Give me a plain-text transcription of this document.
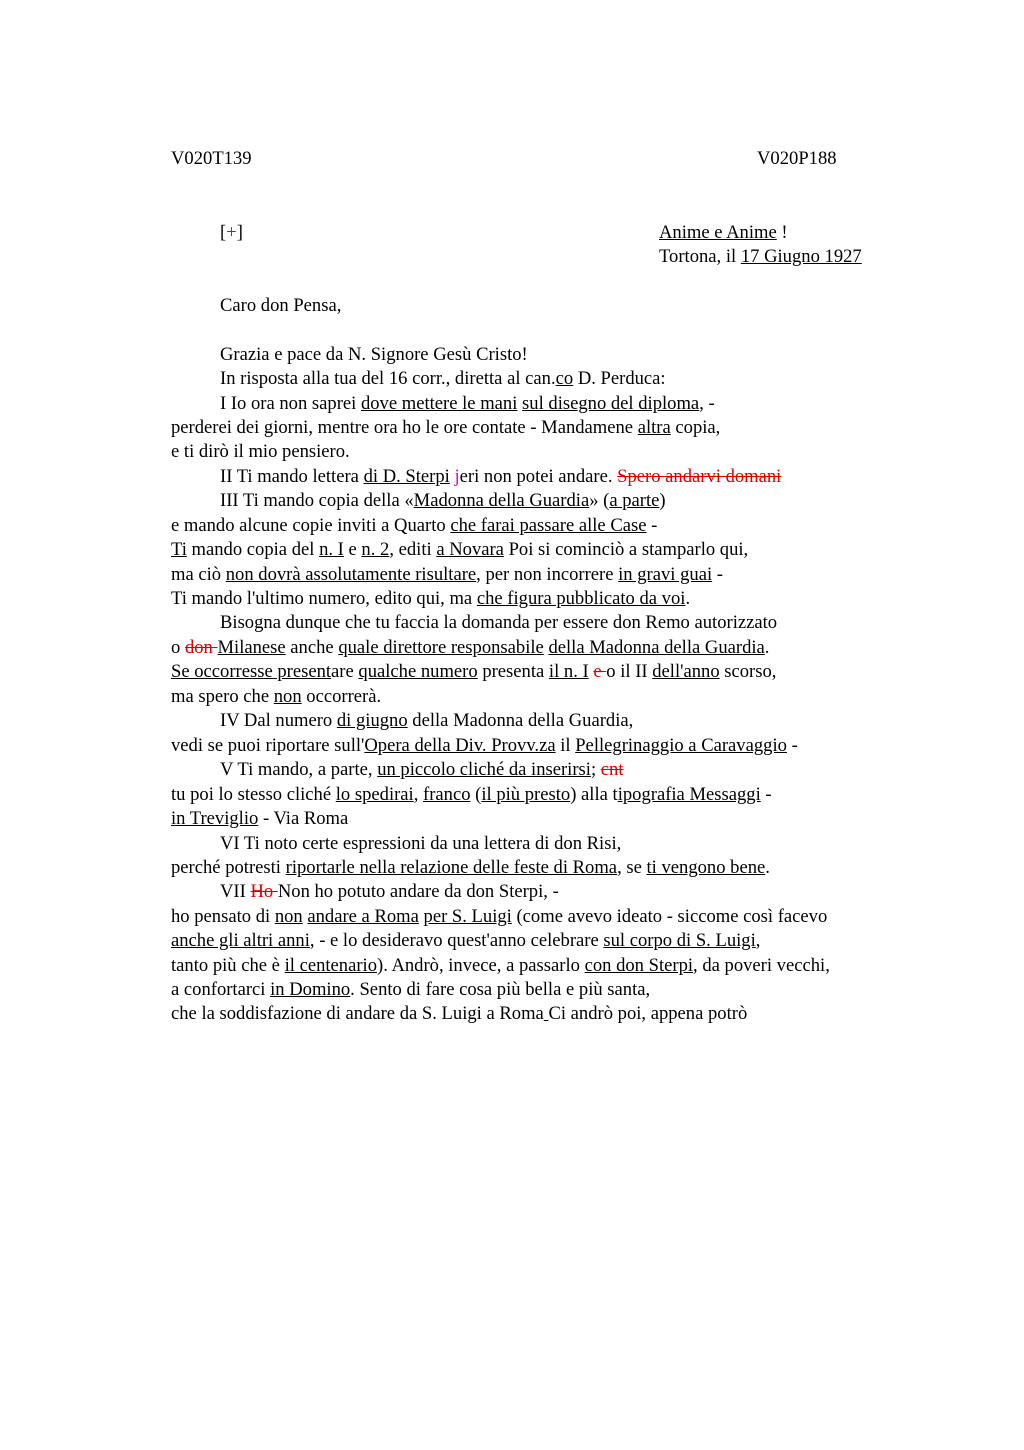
V020T139	V020P188
[+]	Anime e Anime !
Tortona, il 17 Giugno 1927
Caro don Pensa,
Grazia e pace da N. Signore Gesù Cristo!
In risposta alla tua del 16 corr., diretta al can.co D. Perduca:
I Io ora non saprei dove mettere le mani sul disegno del diploma, -
perderei dei giorni, mentre ora ho le ore contate - Mandamene altra copia,
e ti dirò il mio pensiero.
II Ti mando lettera di D. Sterpi jeri non potei andare. Spero andarvi domani
III Ti mando copia della «Madonna della Guardia» (a parte)
e mando alcune copie inviti a Quarto che farai passare alle Case -
Ti mando copia del n. I e n. 2, editi a Novara Poi si cominciò a stamparlo qui,
ma ciò non dovrà assolutamente risultare, per non incorrere in gravi guai -
Ti mando l'ultimo numero, edito qui, ma che figura pubblicato da voi.
Bisogna dunque che tu faccia la domanda per essere don Remo autorizzato
o don Milanese anche quale direttore responsabile della Madonna della Guardia.
Se occorresse presentare qualche numero presenta il n. I e o il II dell'anno scorso,
ma spero che non occorrerà.
IV Dal numero di giugno della Madonna della Guardia,
vedi se puoi riportare sull'Opera della Div. Provv.za il Pellegrinaggio a Caravaggio -
V Ti mando, a parte, un piccolo cliché da inserirsi; cnt
tu poi lo stesso cliché lo spedirai, franco (il più presto) alla tipografia Messaggi -
in Treviglio - Via Roma
VI Ti noto certe espressioni da una lettera di don Risi,
perché potresti riportarle nella relazione delle feste di Roma, se ti vengono bene.
VII Ho Non ho potuto andare da don Sterpi, -
ho pensato di non andare a Roma per S. Luigi (come avevo ideato - siccome così facevo
anche gli altri anni, - e lo desideravo quest'anno celebrare sul corpo di S. Luigi,
tanto più che è il centenario). Andrò, invece, a passarlo con don Sterpi, da poveri vecchi,
a confortarci in Domino. Sento di fare cosa più bella e più santa,
che la soddisfazione di andare da S. Luigi a Roma Ci andrò poi, appena potrò
